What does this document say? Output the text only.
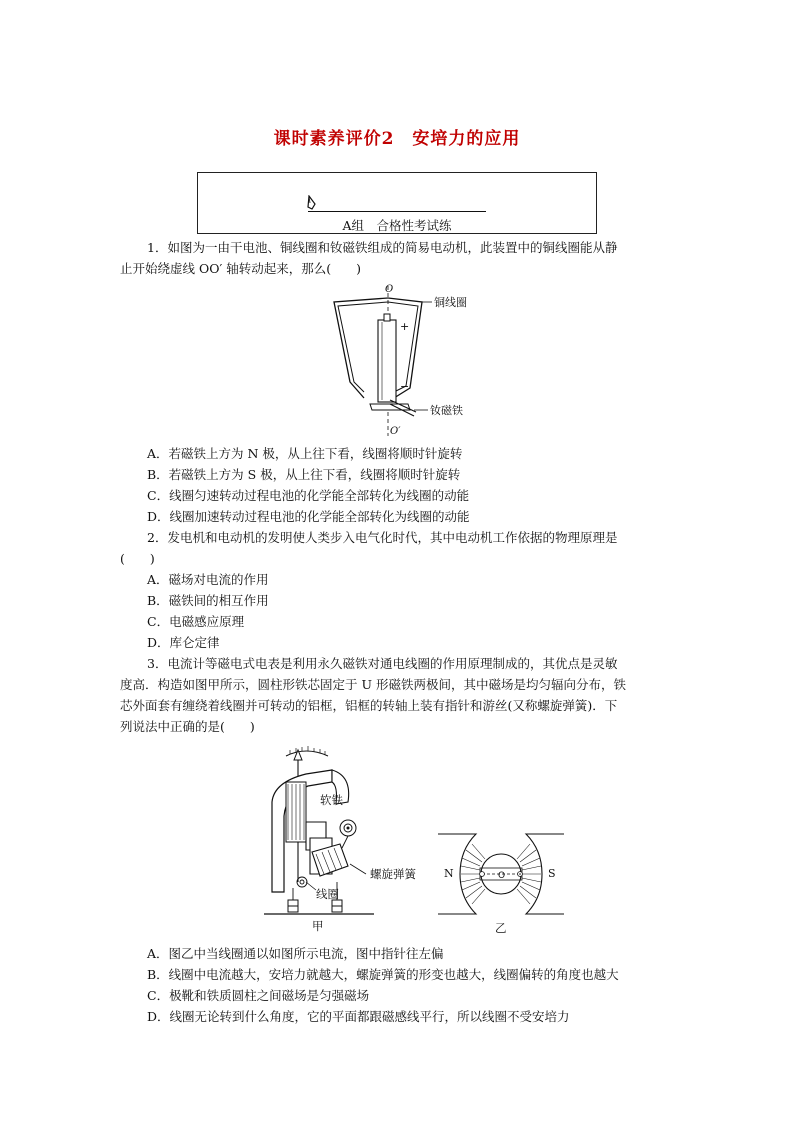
课时素养评价2　安培力的应用
A组　合格性考试练
1．如图为一由干电池、铜线圈和钕磁铁组成的简易电动机，此装置中的铜线圈能从静
止开始绕虚线 OO′ 轴转动起来，那么(　　)
O
O′
+
−
铜线圈
钕磁铁
A．若磁铁上方为 N 极，从上往下看，线圈将顺时针旋转
B．若磁铁上方为 S 极，从上往下看，线圈将顺时针旋转
C．线圈匀速转动过程电池的化学能全部转化为线圈的动能
D．线圈加速转动过程电池的化学能全部转化为线圈的动能
2．发电机和电动机的发明使人类步入电气化时代，其中电动机工作依据的物理原理是
(　　)
A．磁场对电流的作用
B．磁铁间的相互作用
C．电磁感应原理
D．库仑定律
3．电流计等磁电式电表是利用永久磁铁对通电线圈的作用原理制成的，其优点是灵敏
度高．构造如图甲所示，圆柱形铁芯固定于 U 形磁铁两极间，其中磁场是均匀辐向分布，铁
芯外面套有缠绕着线圈并可转动的铝框，铝框的转轴上装有指针和游丝(又称螺旋弹簧)．下
列说法中正确的是(　　)
软铁
螺旋弹簧
线圈
甲
O
N	S
乙
A．图乙中当线圈通以如图所示电流，图中指针往左偏
B．线圈中电流越大，安培力就越大，螺旋弹簧的形变也越大，线圈偏转的角度也越大
C．极靴和铁质圆柱之间磁场是匀强磁场
D．线圈无论转到什么角度，它的平面都跟磁感线平行，所以线圈不受安培力
